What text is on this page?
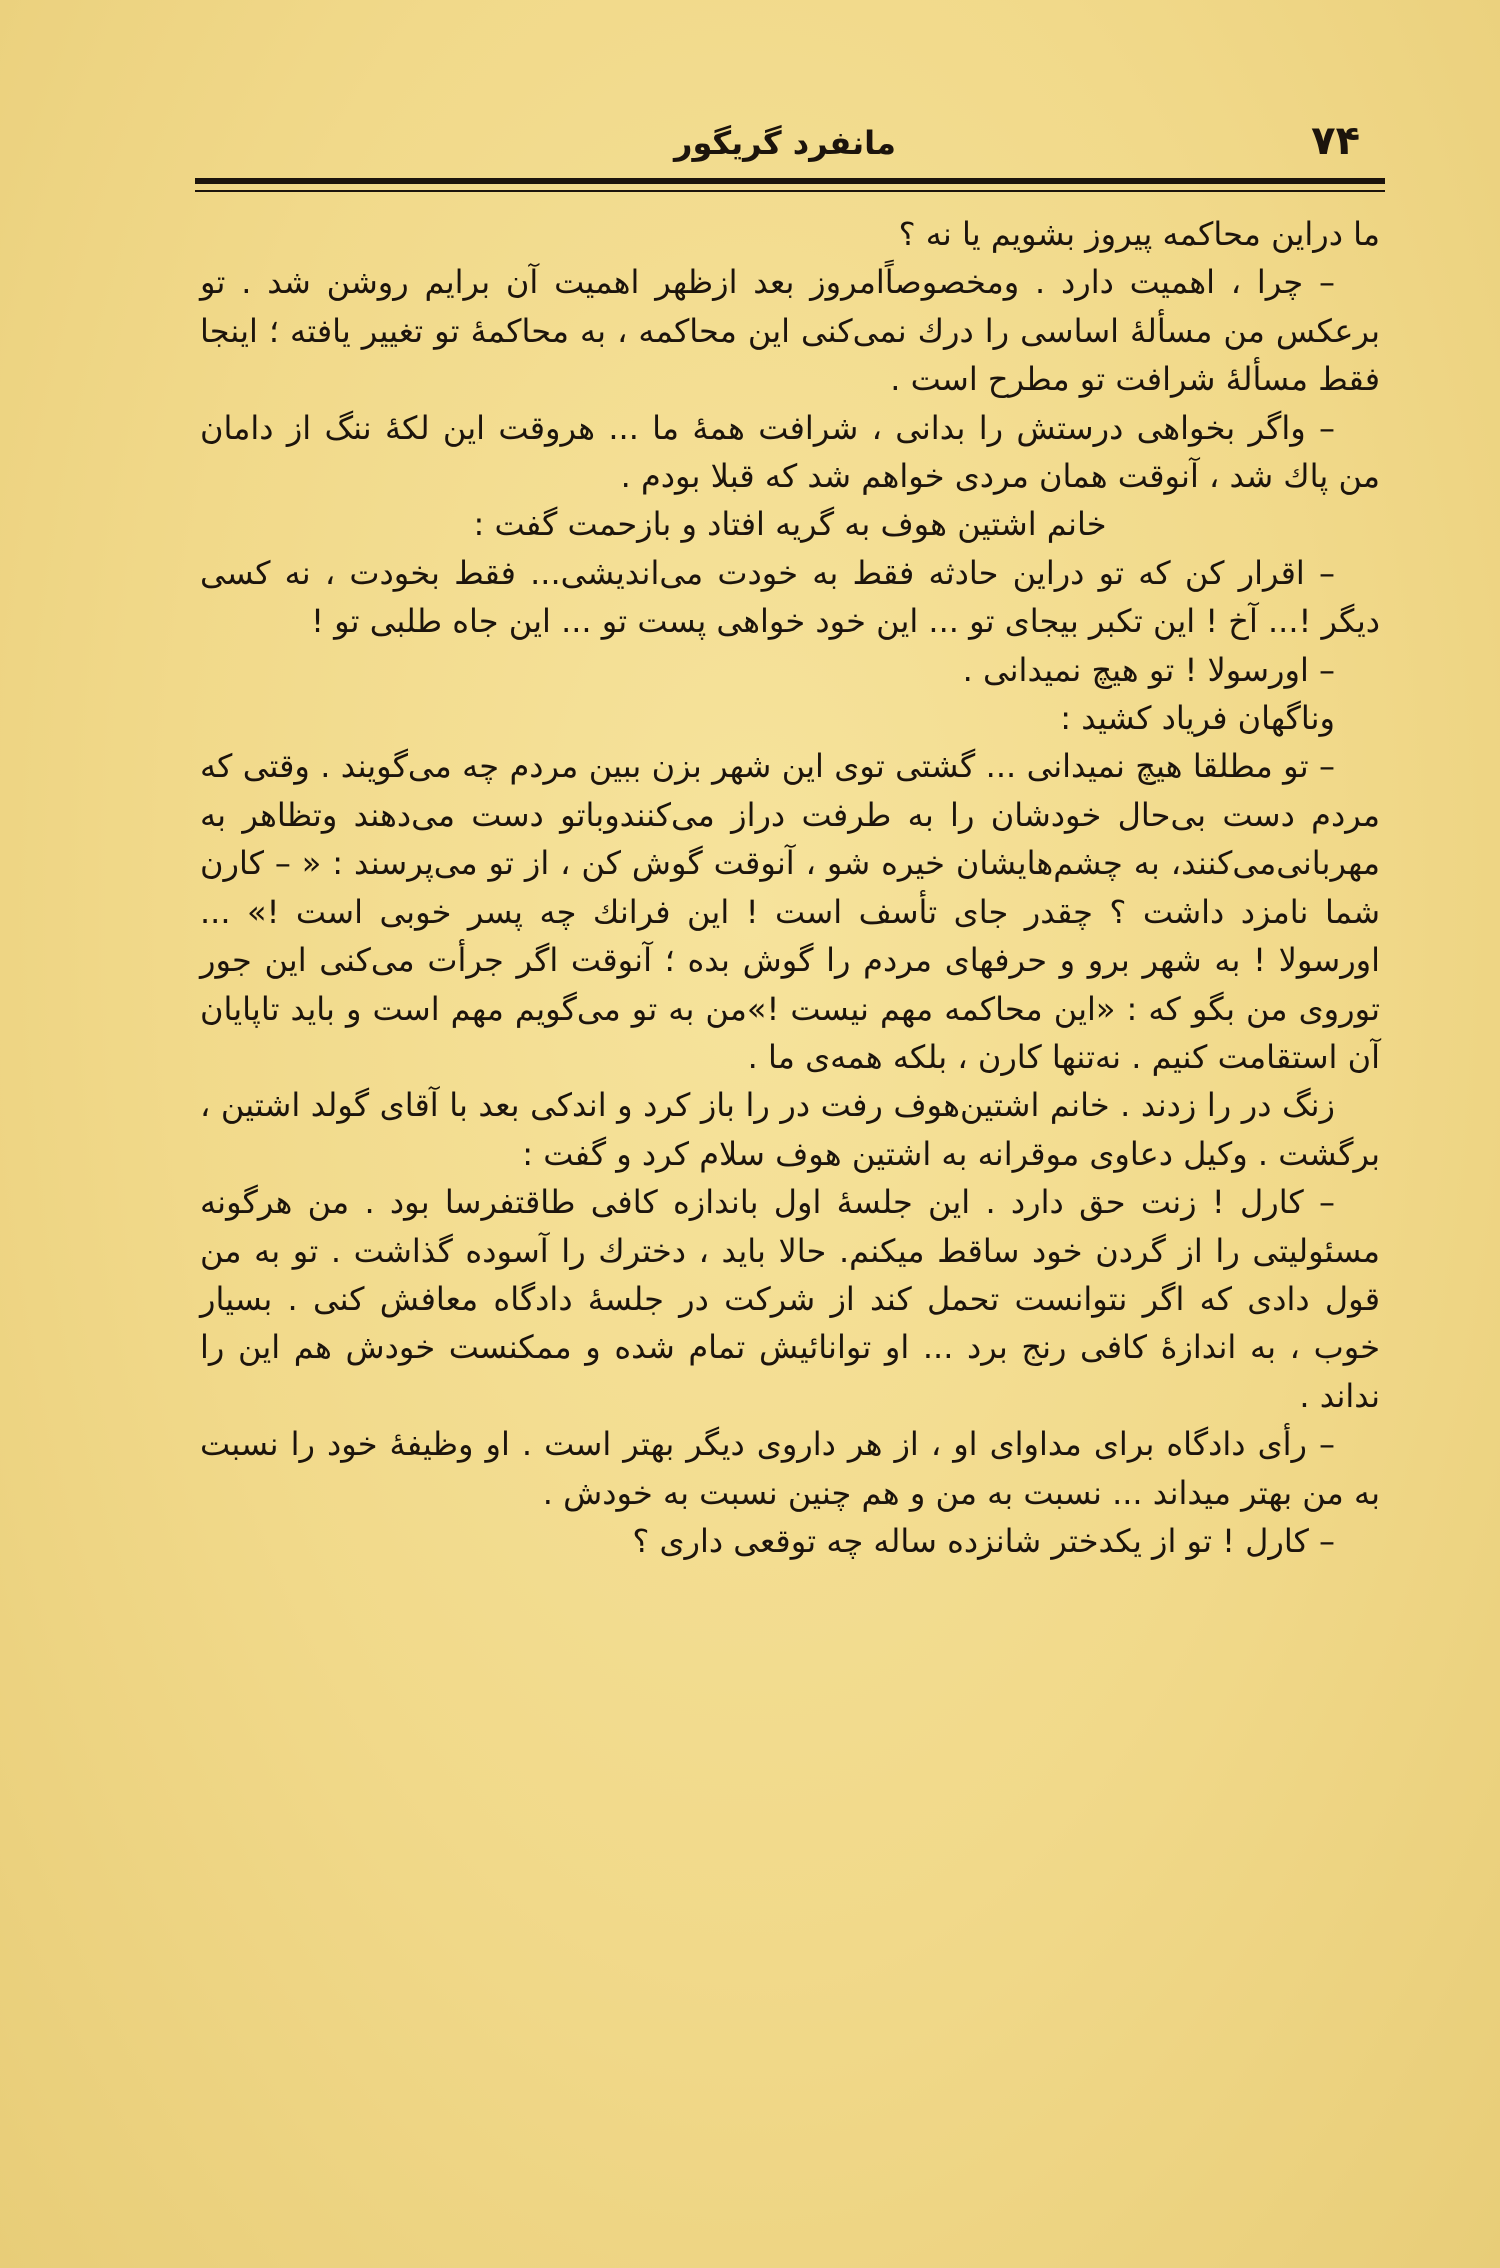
۷۴
مانفرد گریگور

ما دراین محاکمه پیروز بشویم یا نه ؟

– چرا ، اهمیت دارد . ومخصوصاًامروز بعد ازظهر اهمیت آن برایم روشن شد . تو برعکس من مسألهٔ اساسی را درك نمی‌کنی این محاکمه ، به محاکمهٔ تو تغییر یافته ؛ اینجا فقط مسألهٔ شرافت تو مطرح است .

– واگر بخواهی درستش را بدانی ، شرافت همهٔ ما ... هروقت این لکهٔ ننگ از دامان من پاك شد ، آنوقت همان مردی خواهم شد که قبلا بودم .

خانم اشتین هوف به گریه افتاد و بازحمت گفت :

– اقرار کن که تو دراین حادثه فقط به خودت می‌اندیشی... فقط بخودت ، نه کسی دیگر !... آخ ! این تکبر بیجای تو ... این خود خواهی پست تو ... این جاه طلبی تو !

– اورسولا ! تو هیچ نمیدانی .

وناگهان فریاد کشید :

– تو مطلقا هیچ نمیدانی ... گشتی توی این شهر بزن ببین مردم چه می‌گویند . وقتی که مردم دست بی‌حال خودشان را به طرفت دراز می‌کنندوباتو دست می‌دهند وتظاهر به مهربانی‌می‌کنند، به چشم‌هایشان خیره شو ، آنوقت گوش کن ، از تو می‌پرسند : « – کارن شما نامزد داشت ؟ چقدر جای تأسف است ! این فرانك چه پسر خوبی است !» ... اورسولا ! به شهر برو و حرفهای مردم را گوش بده ؛ آنوقت اگر جرأت می‌کنی این جور توروی من بگو که : «این محاکمه مهم نیست !»من به تو می‌گویم مهم است و باید تاپایان آن استقامت کنیم . نه‌تنها کارن ، بلکه همه‌ی ما .

زنگ در را زدند . خانم اشتین‌هوف رفت در را باز کرد و اندکی بعد با آقای گولد اشتین ، برگشت . وکیل دعاوی موقرانه به اشتین هوف سلام کرد و گفت :

– کارل ! زنت حق دارد . این جلسهٔ اول باندازه کافی طاقتفرسا بود . من هرگونه مسئولیتی را از گردن خود ساقط میکنم. حالا باید ، دخترك را آسوده گذاشت . تو به من قول دادی که اگر نتوانست تحمل کند از شرکت در جلسهٔ دادگاه معافش کنی . بسیار خوب ، به اندازهٔ کافی رنج برد ... او توانائیش تمام شده و ممکنست خودش هم این را نداند .

– رأی دادگاه برای مداوای او ، از هر داروی دیگر بهتر است . او وظیفهٔ خود را نسبت به من بهتر میداند ... نسبت به من و هم چنین نسبت به خودش .

– کارل ! تو از یکدختر شانزده ساله چه توقعی داری ؟
